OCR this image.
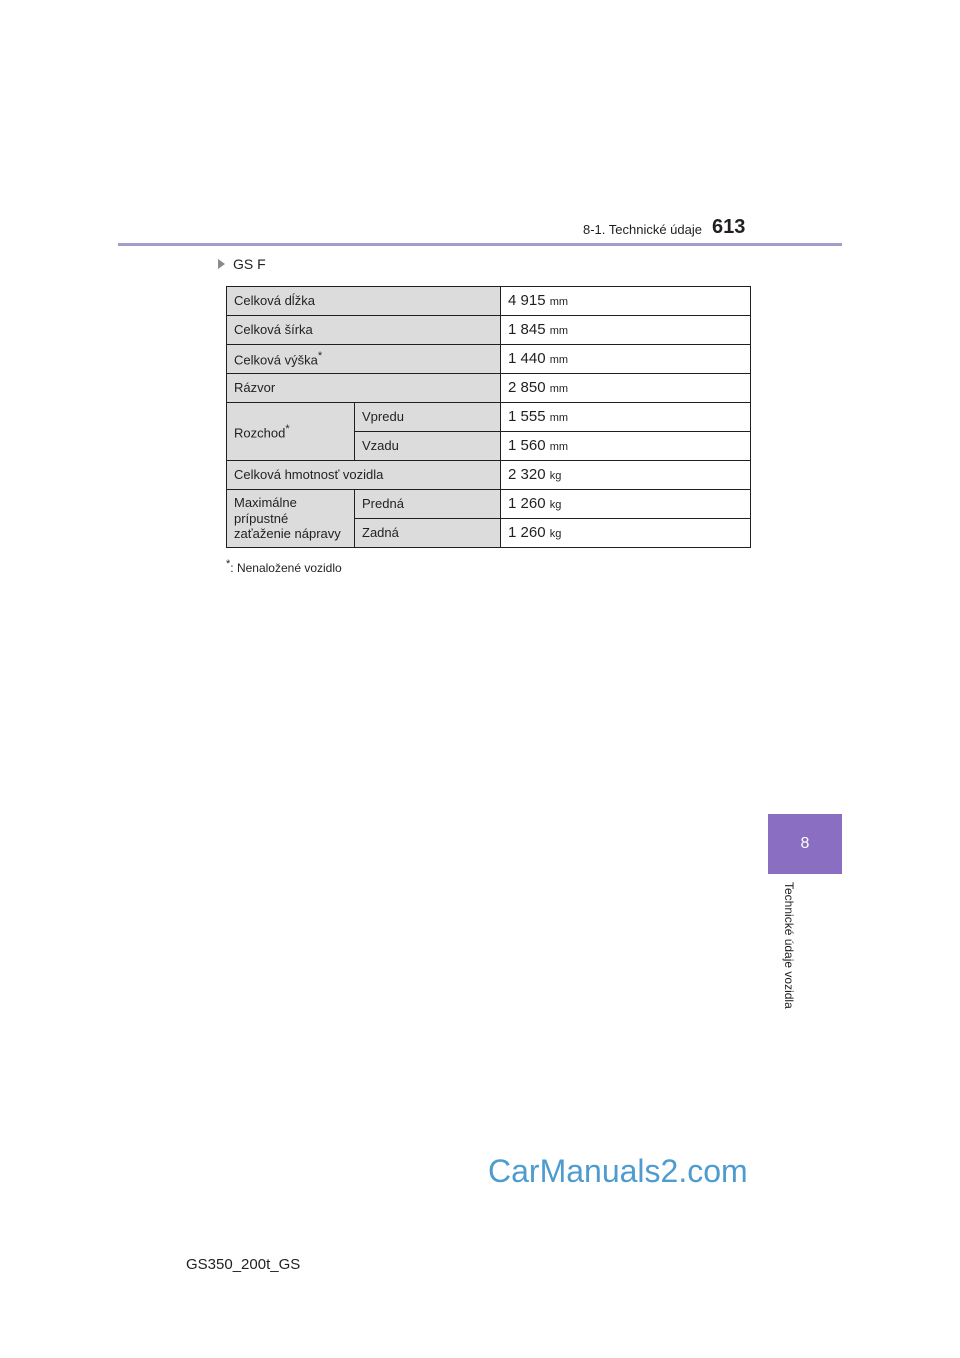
8-1. Technické údaje 613
GS F
Celková dĺžka		4 915 mm
Celková šírka		1 845 mm
Celková výška*		1 440 mm
Rázvor		2 850 mm
Rozchod*	Vpredu	1 555 mm
	Vzadu	1 560 mm
Celková hmotnosť vozidla		2 320 kg
Maximálne prípustné zaťaženie nápravy	Predná	1 260 kg
	Zadná	1 260 kg
*: Nenaložené vozidlo
8
Technické údaje vozidla
CarManuals2.com
GS350_200t_GS
